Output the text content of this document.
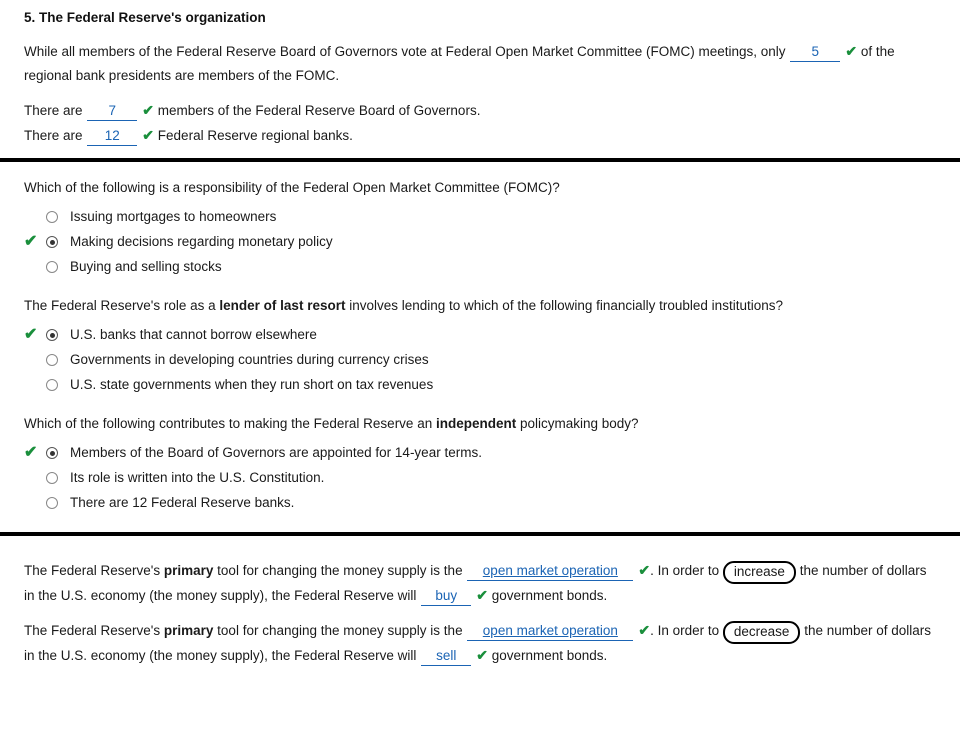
5. The Federal Reserve's organization

While all members of the Federal Reserve Board of Governors vote at Federal Open Market Committee (FOMC) meetings, only 5 ✔ of the regional bank presidents are members of the FOMC.

There are 7 ✔ members of the Federal Reserve Board of Governors.

There are 12 ✔ Federal Reserve regional banks.

Which of the following is a responsibility of the Federal Open Market Committee (FOMC)?

Issuing mortgages to homeowners
✔	Making decisions regarding monetary policy
Buying and selling stocks

The Federal Reserve's role as a lender of last resort involves lending to which of the following financially troubled institutions?

✔	U.S. banks that cannot borrow elsewhere
Governments in developing countries during currency crises
U.S. state governments when they run short on tax revenues

Which of the following contributes to making the Federal Reserve an independent policymaking body?

✔	Members of the Board of Governors are appointed for 14-year terms.
Its role is written into the U.S. Constitution.
There are 12 Federal Reserve banks.

The Federal Reserve's primary tool for changing the money supply is the open market operation ✔. In order to increase the number of dollars in the U.S. economy (the money supply), the Federal Reserve will buy ✔ government bonds.

The Federal Reserve's primary tool for changing the money supply is the open market operation ✔. In order to decrease the number of dollars in the U.S. economy (the money supply), the Federal Reserve will sell ✔ government bonds.
